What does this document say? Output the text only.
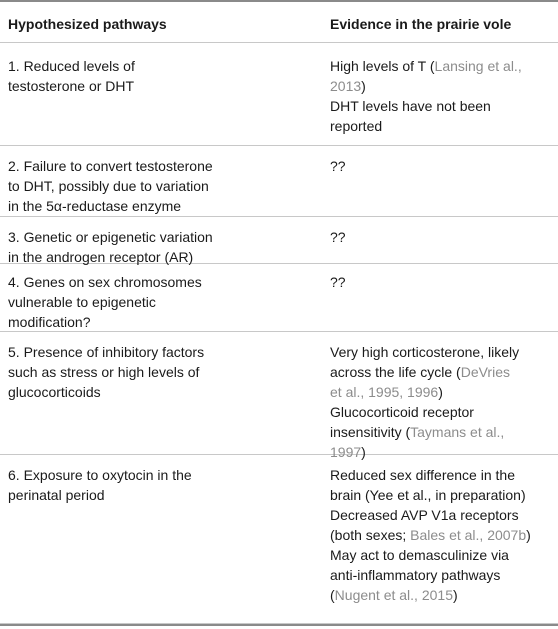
Hypothesized pathways	Evidence in the prairie vole
1. Reduced levels of
testosterone or DHT
High levels of T (Lansing et al.,
2013)
DHT levels have not been
reported
2. Failure to convert testosterone
to DHT, possibly due to variation
in the 5α-reductase enzyme
??
3. Genetic or epigenetic variation
in the androgen receptor (AR)
??
4. Genes on sex chromosomes
vulnerable to epigenetic
modification?
??
5. Presence of inhibitory factors
such as stress or high levels of
glucocorticoids
Very high corticosterone, likely
across the life cycle (DeVries
et al., 1995, 1996)
Glucocorticoid receptor
insensitivity (Taymans et al.,
1997)
6. Exposure to oxytocin in the
perinatal period
Reduced sex difference in the
brain (Yee et al., in preparation)
Decreased AVP V1a receptors
(both sexes; Bales et al., 2007b)
May act to demasculinize via
anti-inflammatory pathways
(Nugent et al., 2015)
